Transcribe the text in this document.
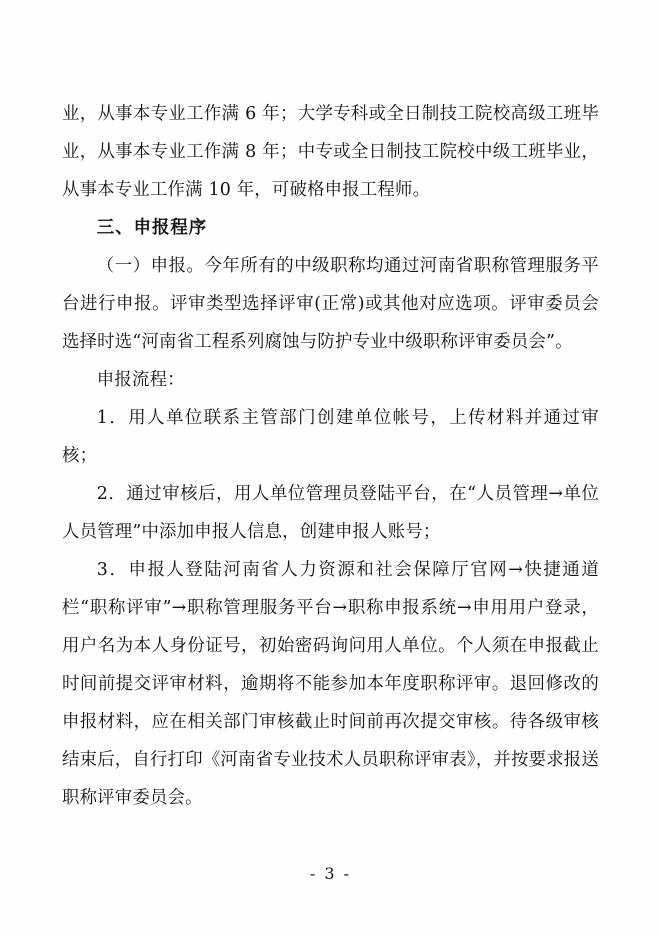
业，从事本专业工作满 6 年；大学专科或全日制技工院校高级工班毕业，从事本专业工作满 8 年；中专或全日制技工院校中级工班毕业，从事本专业工作满 10 年，可破格申报工程师。

三、申报程序

（一）申报。今年所有的中级职称均通过河南省职称管理服务平台进行申报。评审类型选择评审(正常)或其他对应选项。评审委员会选择时选“河南省工程系列腐蚀与防护专业中级职称评审委员会”。

申报流程：

1．用人单位联系主管部门创建单位帐号，上传材料并通过审核；

2．通过审核后，用人单位管理员登陆平台，在“人员管理→单位人员管理”中添加申报人信息，创建申报人账号；

3．申报人登陆河南省人力资源和社会保障厅官网→快捷通道栏“职称评审”→职称管理服务平台→职称申报系统→申用用户登录，用户名为本人身份证号，初始密码询问用人单位。个人须在申报截止时间前提交评审材料，逾期将不能参加本年度职称评审。退回修改的申报材料，应在相关部门审核截止时间前再次提交审核。待各级审核结束后，自行打印《河南省专业技术人员职称评审表》，并按要求报送职称评审委员会。

- 3 -
